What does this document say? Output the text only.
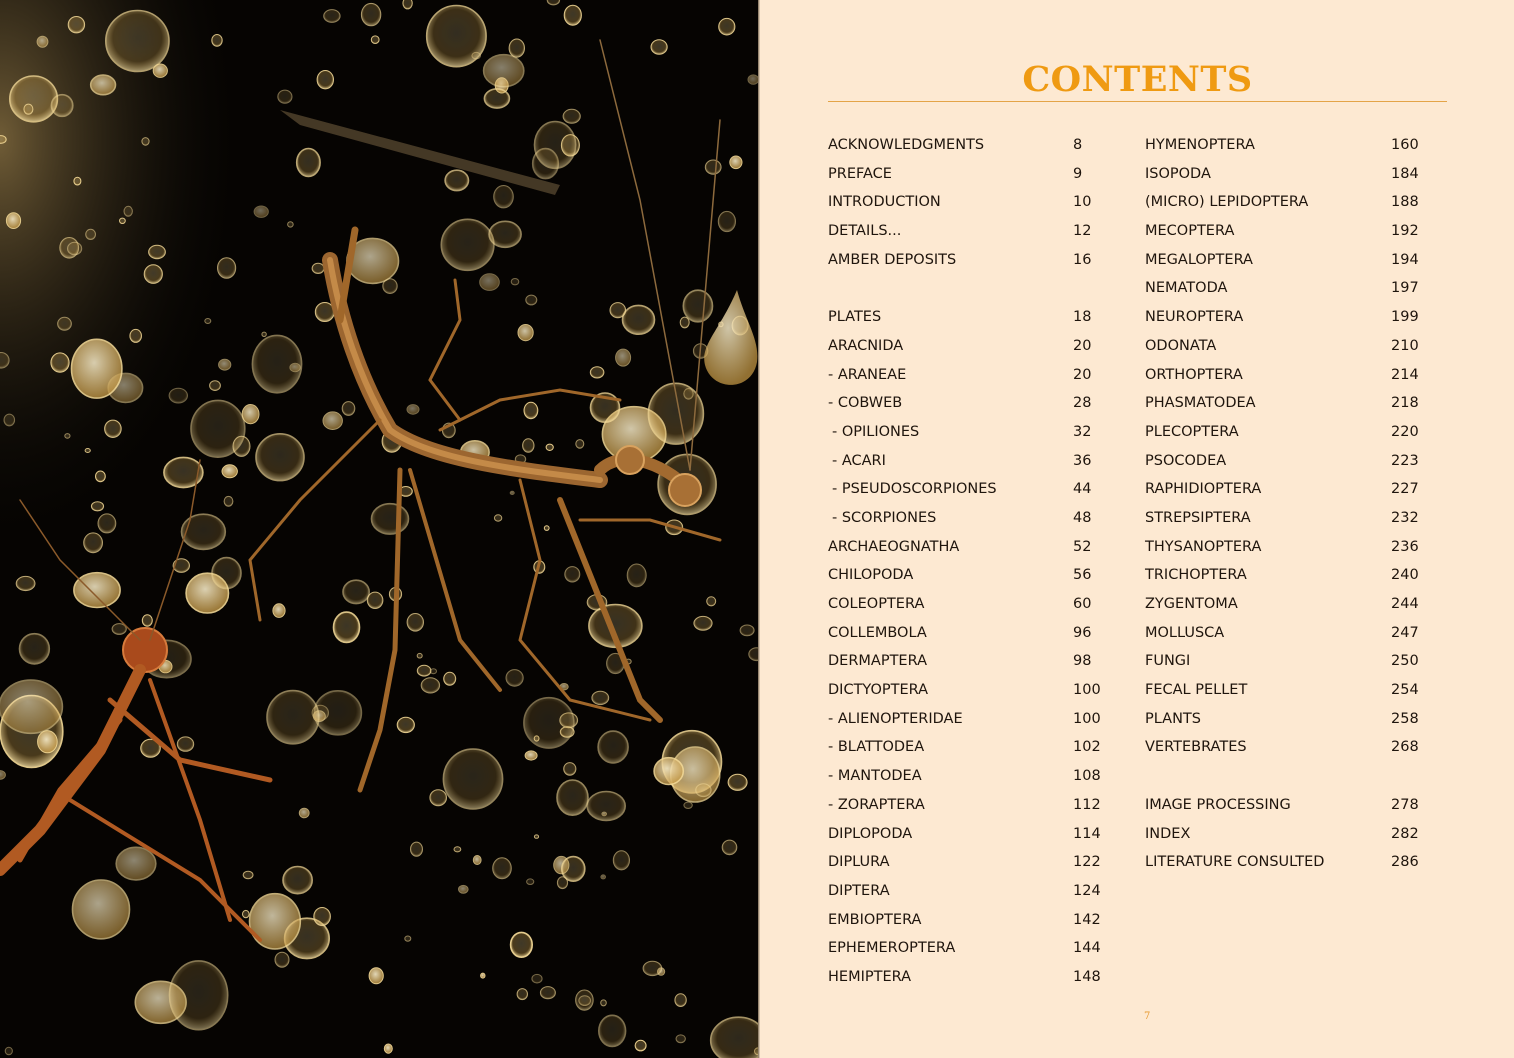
CONTENTS
ACKNOWLEDGMENTS	8
PREFACE	9
INTRODUCTION	10
DETAILS...	12
AMBER DEPOSITS	16
PLATES	18
ARACNIDA	20
- ARANEAE	20
- COBWEB	28
- OPILIONES	32
- ACARI	36
- PSEUDOSCORPIONES	44
- SCORPIONES	48
ARCHAEOGNATHA	52
CHILOPODA	56
COLEOPTERA	60
COLLEMBOLA	96
DERMAPTERA	98
DICTYOPTERA	100
- ALIENOPTERIDAE	100
- BLATTODEA	102
- MANTODEA	108
- ZORAPTERA	112
DIPLOPODA	114
DIPLURA	122
DIPTERA	124
EMBIOPTERA	142
EPHEMEROPTERA	144
HEMIPTERA	148
HYMENOPTERA	160
ISOPODA	184
(MICRO) LEPIDOPTERA	188
MECOPTERA	192
MEGALOPTERA	194
NEMATODA	197
NEUROPTERA	199
ODONATA	210
ORTHOPTERA	214
PHASMATODEA	218
PLECOPTERA	220
PSOCODEA	223
RAPHIDIOPTERA	227
STREPSIPTERA	232
THYSANOPTERA	236
TRICHOPTERA	240
ZYGENTOMA	244
MOLLUSCA	247
FUNGI	250
FECAL PELLET	254
PLANTS	258
VERTEBRATES	268
IMAGE PROCESSING	278
INDEX	282
LITERATURE CONSULTED	286
7
